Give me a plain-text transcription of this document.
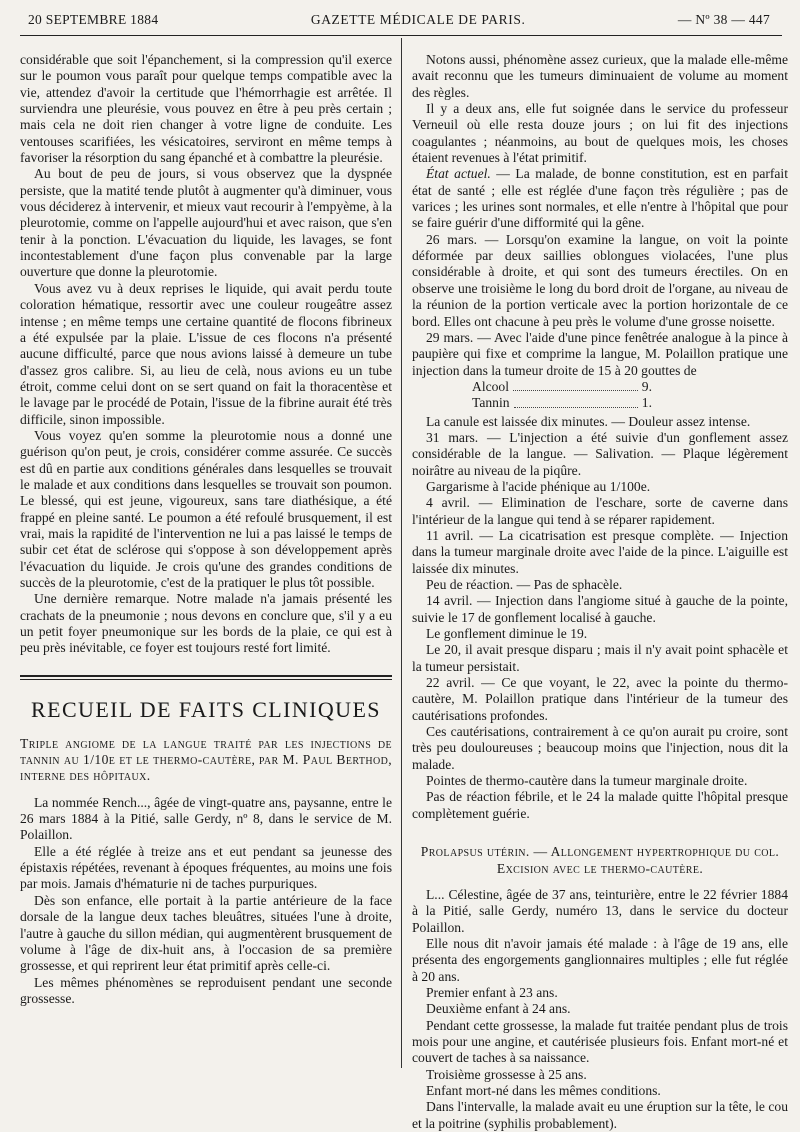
20 SEPTEMBRE 1884	GAZETTE MÉDICALE DE PARIS.	— Nº 38 — 447

considérable que soit l'épanchement, si la compression qu'il exerce sur le poumon vous paraît pour quelque temps compatible avec la vie, attendez d'avoir la certitude que l'hémorrhagie est arrêtée. Il surviendra une pleurésie, vous pouvez en être à peu près certain ; mais cela ne doit rien changer à votre ligne de conduite. Les ventouses scarifiées, les vésicatoires, serviront en même temps à favoriser la résorption du sang épanché et à combattre la pleurésie.

Au bout de peu de jours, si vous observez que la dyspnée persiste, que la matité tende plutôt à augmenter qu'à diminuer, vous vous déciderez à intervenir, et mieux vaut recourir à l'empyème, à la pleurotomie, comme on l'appelle aujourd'hui et avec raison, que s'en tenir à la ponction. L'évacuation du liquide, les lavages, se font incontestablement d'une façon plus convenable par la large ouverture que donne la pleurotomie.

Vous avez vu à deux reprises le liquide, qui avait perdu toute coloration hématique, ressortir avec une couleur rougeâtre assez intense ; en même temps une certaine quantité de flocons fibrineux a été expulsée par la plaie. L'issue de ces flocons n'a présenté aucune difficulté, parce que nous avions laissé à demeure un tube d'assez gros calibre. Si, au lieu de celà, nous avions eu un tube étroit, comme celui dont on se sert quand on fait la thoracentèse et le lavage par le procédé de Potain, l'issue de la fibrine aurait été très difficile, sinon impossible.

Vous voyez qu'en somme la pleurotomie nous a donné une guérison qu'on peut, je crois, considérer comme assurée. Ce succès est dû en partie aux conditions générales dans lesquelles se trouvait le malade et aux conditions dans lesquelles se trouvait son poumon. Le blessé, qui est jeune, vigoureux, sans tare diathésique, a été frappé en pleine santé. Le poumon a été refoulé brusquement, il est vrai, mais la rapidité de l'intervention ne lui a pas laissé le temps de subir cet état de sclérose qui s'oppose à son développement après l'évacuation du liquide. Je crois qu'une des grandes conditions de succès de la pleurotomie, c'est de la pratiquer le plus tôt possible.

Une dernière remarque. Notre malade n'a jamais présenté les crachats de la pneumonie ; nous devons en conclure que, s'il y a eu un petit foyer pneumonique sur les bords de la plaie, ce qui est à peu près inévitable, ce foyer est toujours resté fort limité.

RECUEIL DE FAITS CLINIQUES

Triple angiome de la langue traité par les injections de tannin au 1/10e et le thermo-cautère, par M. Paul Berthod, interne des hôpitaux.

La nommée Rench..., âgée de vingt-quatre ans, paysanne, entre le 26 mars 1884 à la Pitié, salle Gerdy, nº 8, dans le service de M. Polaillon.

Elle a été réglée à treize ans et eut pendant sa jeunesse des épistaxis répétées, revenant à époques fréquentes, au moins une fois par mois. Jamais d'hématurie ni de taches purpuriques.

Dès son enfance, elle portait à la partie antérieure de la face dorsale de la langue deux taches bleuâtres, situées l'une à droite, l'autre à gauche du sillon médian, qui augmentèrent brusquement de volume à l'âge de dix-huit ans, à l'occasion de sa première grossesse, et qui reprirent leur état primitif après celle-ci.

Les mêmes phénomènes se reproduisent pendant une seconde grossesse.

Notons aussi, phénomène assez curieux, que la malade elle-même avait reconnu que les tumeurs diminuaient de volume au moment des règles.

Il y a deux ans, elle fut soignée dans le service du professeur Verneuil où elle resta douze jours ; on lui fit des injections coagulantes ; néanmoins, au bout de quelques mois, les choses étaient revenues à l'état primitif.

État actuel. — La malade, de bonne constitution, est en parfait état de santé ; elle est réglée d'une façon très régulière ; pas de varices ; les urines sont normales, et elle n'entre à l'hôpital que pour se faire guérir d'une difformité qui la gêne.

26 mars. — Lorsqu'on examine la langue, on voit la pointe déformée par deux saillies oblongues violacées, l'une plus considérable à droite, et qui sont des tumeurs érectiles. On en observe une troisième le long du bord droit de l'organe, au niveau de la réunion de la portion verticale avec la portion horizontale de ce bord. Elles ont chacune à peu près le volume d'une grosse noisette.

29 mars. — Avec l'aide d'une pince fenêtrée analogue à la pince à paupière qui fixe et comprime la langue, M. Polaillon pratique une injection dans la tumeur droite de 15 à 20 gouttes de

Alcool	9.
Tannin	1.

La canule est laissée dix minutes. — Douleur assez intense.

31 mars. — L'injection a été suivie d'un gonflement assez considérable de la langue. — Salivation. — Plaque légèrement noirâtre au niveau de la piqûre.

Gargarisme à l'acide phénique au 1/100e.

4 avril. — Elimination de l'eschare, sorte de caverne dans l'intérieur de la langue qui tend à se réparer rapidement.

11 avril. — La cicatrisation est presque complète. — Injection dans la tumeur marginale droite avec l'aide de la pince. L'aiguille est laissée dix minutes.

Peu de réaction. — Pas de sphacèle.

14 avril. — Injection dans l'angiome situé à gauche de la pointe, suivie le 17 de gonflement localisé à gauche.

Le gonflement diminue le 19.

Le 20, il avait presque disparu ; mais il n'y avait point sphacèle et la tumeur persistait.

22 avril. — Ce que voyant, le 22, avec la pointe du thermo-cautère, M. Polaillon pratique dans l'intérieur de la tumeur des cautérisations profondes.

Ces cautérisations, contrairement à ce qu'on aurait pu croire, sont très peu douloureuses ; beaucoup moins que l'injection, nous dit la malade.

Pointes de thermo-cautère dans la tumeur marginale droite.

Pas de réaction fébrile, et le 24 la malade quitte l'hôpital presque complètement guérie.

Prolapsus utérin. — Allongement hypertrophique du col.

Excision avec le thermo-cautère.

L... Célestine, âgée de 37 ans, teinturière, entre le 22 février 1884 à la Pitié, salle Gerdy, numéro 13, dans le service du docteur Polaillon.

Elle nous dit n'avoir jamais été malade : à l'âge de 19 ans, elle présenta des engorgements ganglionnaires multiples ; elle fut réglée à 20 ans.

Premier enfant à 23 ans.

Deuxième enfant à 24 ans.

Pendant cette grossesse, la malade fut traitée pendant plus de trois mois pour une angine, et cautérisée plusieurs fois. Enfant mort-né et couvert de taches à sa naissance.

Troisième grossesse à 25 ans.

Enfant mort-né dans les mêmes conditions.

Dans l'intervalle, la malade avait eu une éruption sur la tête, le cou et la poitrine (syphilis probablement).
